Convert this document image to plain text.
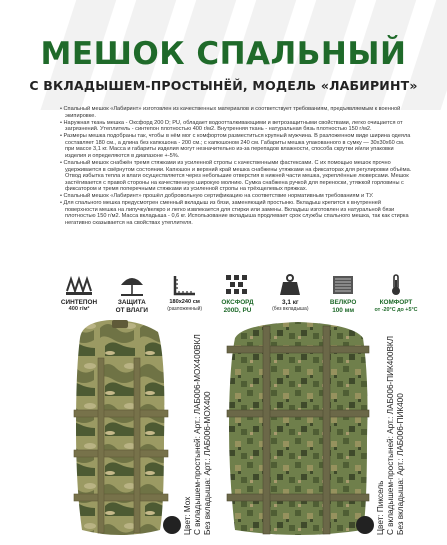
МЕШОК СПАЛЬНЫЙ
С ВКЛАДЫШЕМ-ПРОСТЫНЁЙ, МОДЕЛЬ «ЛАБИРИНТ»

• Спальный мешок «Лабиринт» изготовлен из качественных материалов и соответствует требованиям, предъявляемым к военной экипировке.

• Наружная ткань мешка - Оксфорд 200 D; PU, обладает водоотталкивающими и ветрозащитными свойствами, легко очищается от загрязнений. Утеплитель - синтепон плотностью 400 г/м2. Внутренняя ткань - натуральная бязь плотностью 150 г/м2.

• Размеры мешка подобраны так, чтобы в нём мог с комфортом разместиться крупный мужчина. В разложенном виде ширина одеяла составляет 180 см., а длина без капюшона - 200 см.; с капюшоном 240 см. Габариты мешка упакованного в сумку — 30х30х60 см. при массе 3,1 кг. Масса и габариты изделия могут незначительно из-за перепадов влажности, способа скрутки и/или упаковки изделия и определяются в диапазоне +-5%.

• Спальный мешок снабжён тремя стяжками из усиленной стропы с качественными фастексами. С их помощью мешок прочно удерживается в свёрнутом состоянии. Капюшон и верхний край мешка снабжены утяжками на фиксаторах для регулировки объёма. Отвод избытка тепла и влаги осуществляется через небольшие отверстия в нижней части мешка, укреплённые люверсами. Мешок застёгивается с правой стороны на качественную широкую молнию. Сумка снабжена ручкой для переноски, утяжкой горловины с фиксатором и тремя поперечными стяжками из усиленной стропы на трёхщелевых пряжках.

• Спальный мешок «Лабиринт» прошёл добровольную сертификацию на соответствие нормативным требованиям и ТУ.

• Для спального мешка предусмотрен сменный вкладыш из бязи, заменяющий простыню. Вкладыш крепится к внутренней поверхности мешка на липучку/велкро и легко извлекается для стирки или замены. Вкладыш изготовлен из натуральной бязи плотностью 150 г/м2. Масса вкладыша - 0,6 кг. Использование вкладыша продлевает срок службы спального мешка, так как стирка негативно сказывается на свойствах утеплителя.

СИНТЕПОН
400 г/м²
ЗАЩИТА
ОТ ВЛАГИ
180х240 см
(разложенный)
ОКСФОРД
200D, PU
3,1 кг
(без вкладыша)
ВЕЛКРО
100 мм
КОМФОРТ
от -20°С до +5°С
Цвет: Мох С вкладышем-простыней: Арт.: ЛАБ006-МОХ400ВКЛ Без вкладыша: Арт.: ЛАБ006-МОХ400	Цвет: Пиксель С вкладышем-простыней: Арт.: ЛАБ006-ПИК400ВКЛ Без вкладыша: Арт.: ЛАБ006-ПИК400
